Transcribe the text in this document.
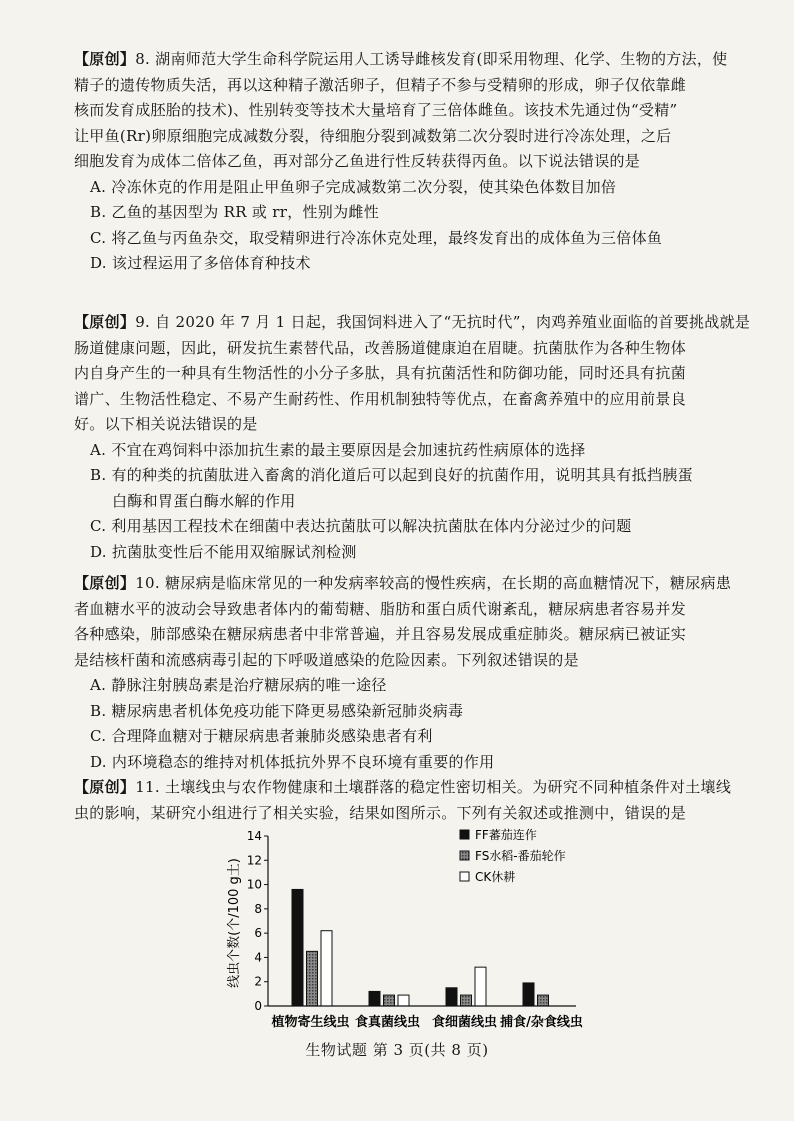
【原创】8. 湖南师范大学生命科学院运用人工诱导雌核发育(即采用物理、化学、生物的方法，使
精子的遗传物质失活，再以这种精子激活卵子，但精子不参与受精卵的形成，卵子仅依靠雌
核而发育成胚胎的技术)、性别转变等技术大量培育了三倍体雌鱼。该技术先通过伪“受精”
让甲鱼(Rr)卵原细胞完成减数分裂，待细胞分裂到减数第二次分裂时进行冷冻处理，之后
细胞发育为成体二倍体乙鱼，再对部分乙鱼进行性反转获得丙鱼。以下说法错误的是
A. 冷冻休克的作用是阻止甲鱼卵子完成减数第二次分裂，使其染色体数目加倍
B. 乙鱼的基因型为 RR 或 rr，性别为雌性
C. 将乙鱼与丙鱼杂交，取受精卵进行冷冻休克处理，最终发育出的成体鱼为三倍体鱼
D. 该过程运用了多倍体育种技术
【原创】9. 自 2020 年 7 月 1 日起，我国饲料进入了“无抗时代”，肉鸡养殖业面临的首要挑战就是
肠道健康问题，因此，研发抗生素替代品，改善肠道健康迫在眉睫。抗菌肽作为各种生物体
内自身产生的一种具有生物活性的小分子多肽，具有抗菌活性和防御功能，同时还具有抗菌
谱广、生物活性稳定、不易产生耐药性、作用机制独特等优点，在畜禽养殖中的应用前景良
好。以下相关说法错误的是
A. 不宜在鸡饲料中添加抗生素的最主要原因是会加速抗药性病原体的选择
B. 有的种类的抗菌肽进入畜禽的消化道后可以起到良好的抗菌作用，说明其具有抵挡胰蛋
白酶和胃蛋白酶水解的作用
C. 利用基因工程技术在细菌中表达抗菌肽可以解决抗菌肽在体内分泌过少的问题
D. 抗菌肽变性后不能用双缩脲试剂检测
【原创】10. 糖尿病是临床常见的一种发病率较高的慢性疾病，在长期的高血糖情况下，糖尿病患
者血糖水平的波动会导致患者体内的葡萄糖、脂肪和蛋白质代谢紊乱，糖尿病患者容易并发
各种感染，肺部感染在糖尿病患者中非常普遍，并且容易发展成重症肺炎。糖尿病已被证实
是结核杆菌和流感病毒引起的下呼吸道感染的危险因素。下列叙述错误的是
A. 静脉注射胰岛素是治疗糖尿病的唯一途径
B. 糖尿病患者机体免疫功能下降更易感染新冠肺炎病毒
C. 合理降血糖对于糖尿病患者兼肺炎感染患者有利
D. 内环境稳态的维持对机体抵抗外界不良环境有重要的作用
【原创】11. 土壤线虫与农作物健康和土壤群落的稳定性密切相关。为研究不同种植条件对土壤线
虫的影响，某研究小组进行了相关实验，结果如图所示。下列有关叙述或推测中，错误的是
0
2
4
6
8
10
12
14
植物寄生线虫 食真菌线虫 食细菌线虫 捕食/杂食线虫
FF蕃茄连作
FS水稻-番茄轮作
CK休耕
线虫个数(个/100 g土)
生物试题 第 3 页(共 8 页)
